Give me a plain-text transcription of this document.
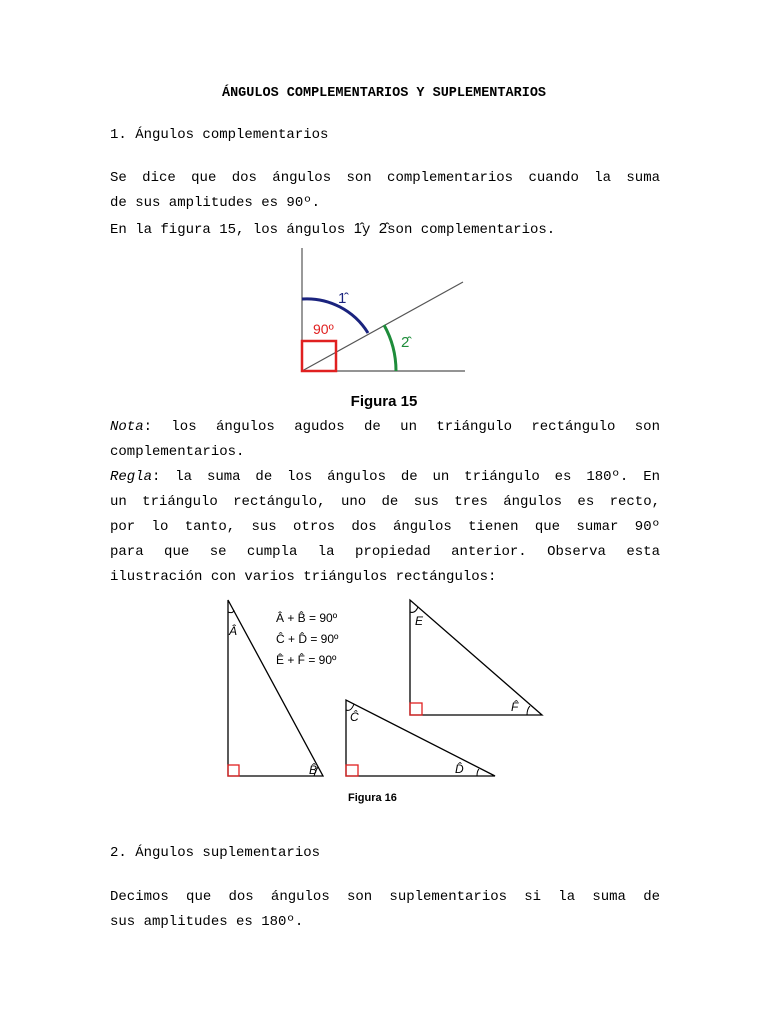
ÁNGULOS COMPLEMENTARIOS Y SUPLEMENTARIOS
1. Ángulos complementarios
Se dice que dos ángulos son complementarios cuando la suma
de sus amplitudes es 90º.
En la figura 15, los ángulos 1̂y 2̂son complementarios.
90º
1̂
2̂
Figura 15
Nota: los ángulos agudos de un triángulo rectángulo son
complementarios.
Regla: la suma de los ángulos de un triángulo es 180º. En
un triángulo rectángulo, uno de sus tres ángulos es recto,
por lo tanto, sus otros dos ángulos tienen que sumar 90º
para que se cumpla la propiedad anterior. Observa esta
ilustración con varios triángulos rectángulos:
Â
B̂
Ĉ
D̂
E
F̂
Â + B̂ = 90º
Ĉ + D̂ = 90º
Ê + F̂ = 90º
Figura 16
2. Ángulos suplementarios
Decimos que dos ángulos son suplementarios si la suma de
sus amplitudes es 180º.
